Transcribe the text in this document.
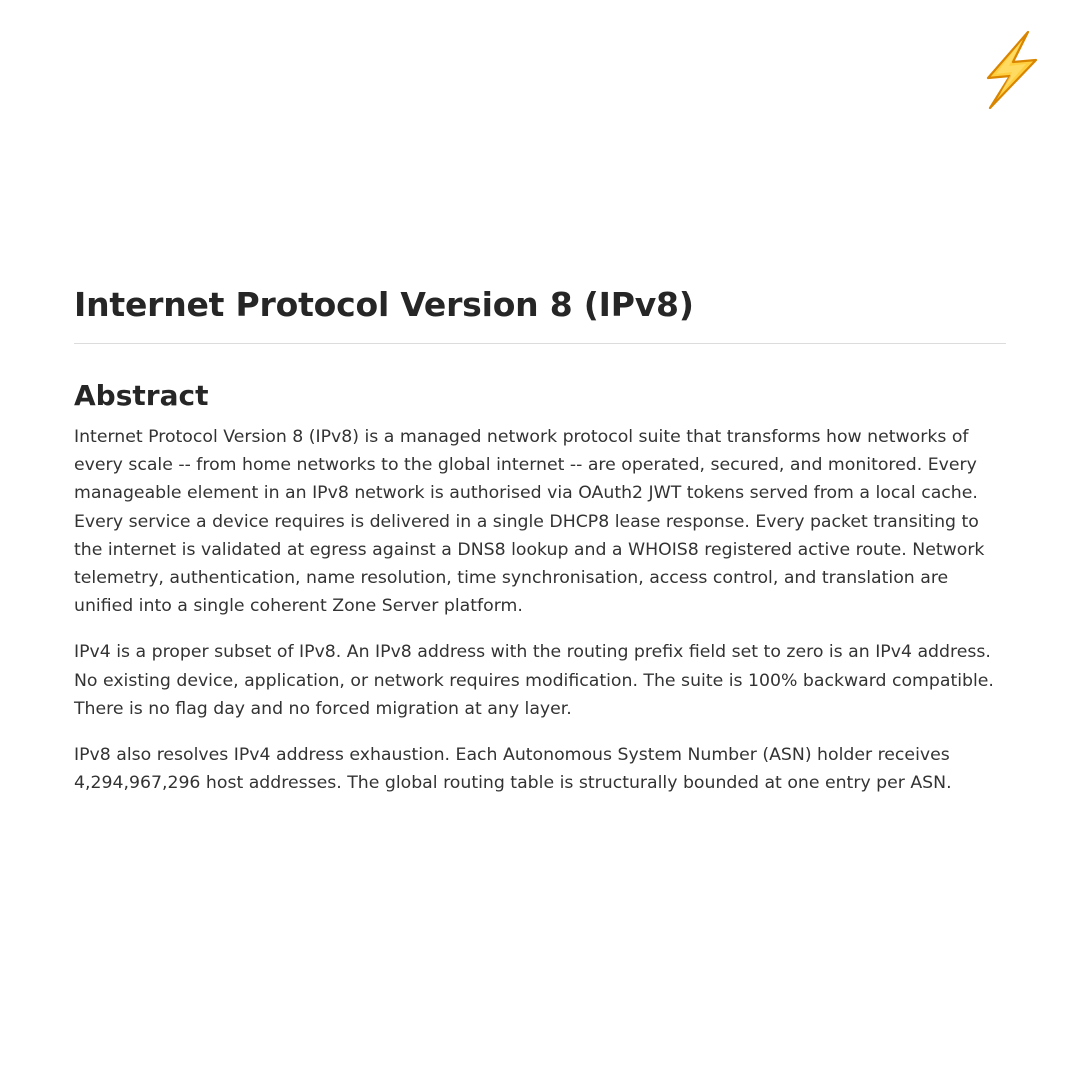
Internet Protocol Version 8 (IPv8)
Abstract

Internet Protocol Version 8 (IPv8) is a managed network protocol suite that transforms how networks of every scale -- from home networks to the global internet -- are operated, secured, and monitored. Every manageable element in an IPv8 network is authorised via OAuth2 JWT tokens served from a local cache. Every service a device requires is delivered in a single DHCP8 lease response. Every packet transiting to the internet is validated at egress against a DNS8 lookup and a WHOIS8 registered active route. Network telemetry, authentication, name resolution, time synchronisation, access control, and translation are unified into a single coherent Zone Server platform.

IPv4 is a proper subset of IPv8. An IPv8 address with the routing prefix field set to zero is an IPv4 address. No existing device, application, or network requires modification. The suite is 100% backward compatible. There is no flag day and no forced migration at any layer.

IPv8 also resolves IPv4 address exhaustion. Each Autonomous System Number (ASN) holder receives 4,294,967,296 host addresses. The global routing table is structurally bounded at one entry per ASN.
